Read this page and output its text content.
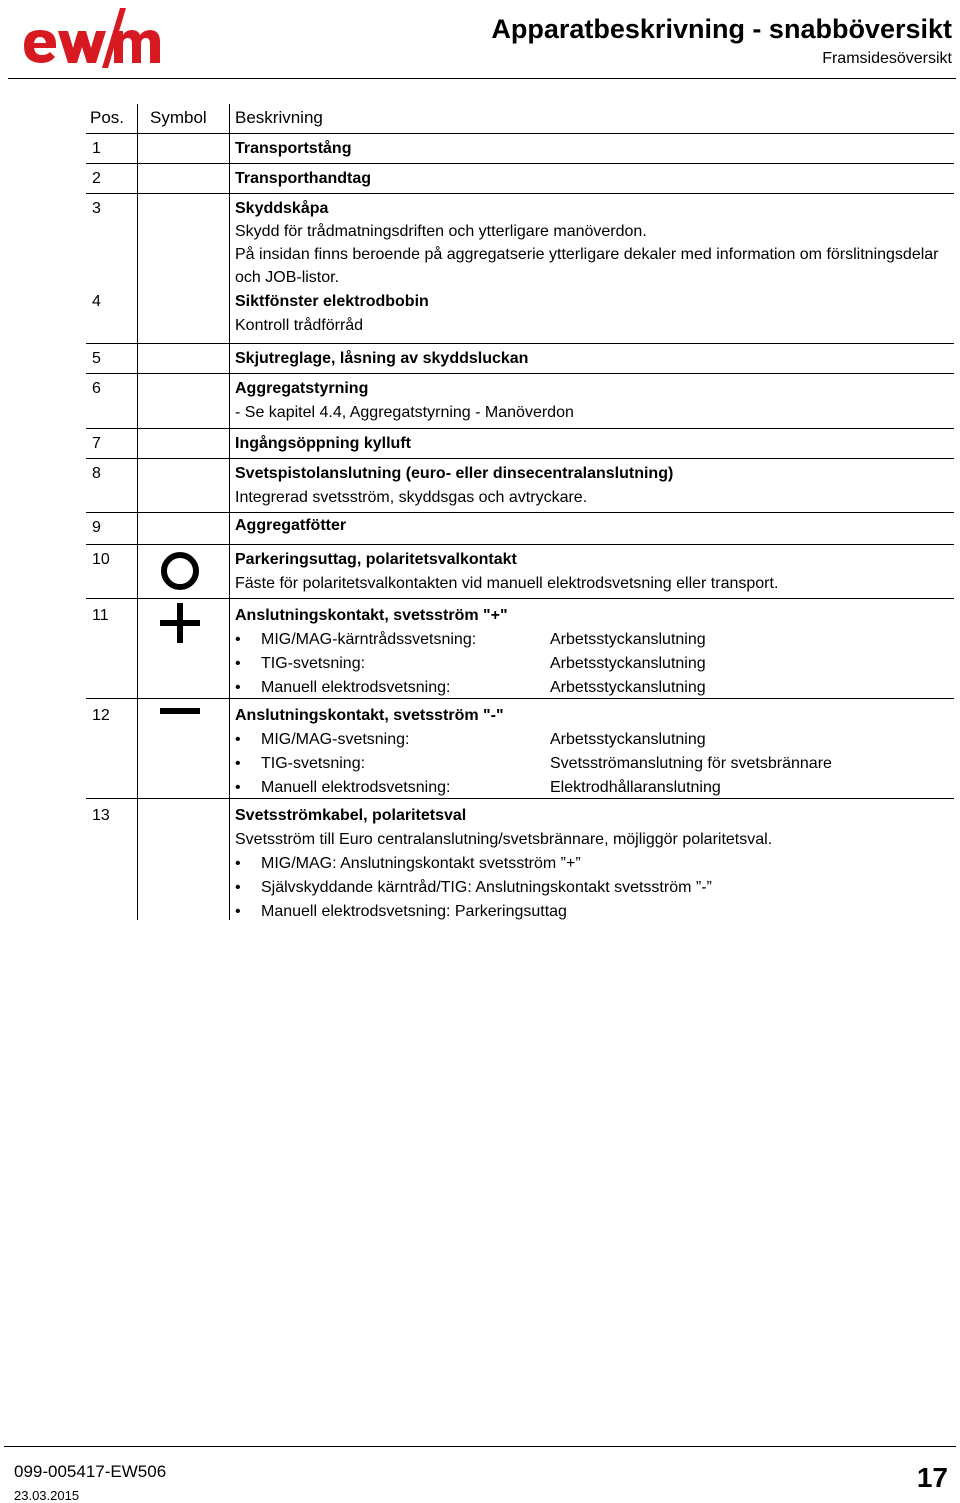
Apparatbeskrivning - snabböversikt
Framsidesöversikt
Pos.	Symbol	Beskrivning
1	Transportstång
2	Transporthandtag
3	Skyddskåpa
Skydd för trådmatningsdriften och ytterligare manöverdon.
På insidan finns beroende på aggregatserie ytterligare dekaler med information om förslitningsdelar och JOB-listor.
4	Siktfönster elektrodbobin
Kontroll trådförråd
5	Skjutreglage, låsning av skyddsluckan
6	Aggregatstyrning
- Se kapitel 4.4, Aggregatstyrning - Manöverdon
7	Ingångsöppning kylluft
8	Svetspistolanslutning (euro- eller dinsecentralanslutning)
Integrerad svetsström, skyddsgas och avtryckare.
9	Aggregatfötter
10	Parkeringsuttag, polaritetsvalkontakt
Fäste för polaritetsvalkontakten vid manuell elektrodsvetsning eller transport.
11	Anslutningskontakt, svetsström "+"
•	MIG/MAG-kärntrådssvetsning:	Arbetsstyckanslutning
•	TIG-svetsning:	Arbetsstyckanslutning
•	Manuell elektrodsvetsning:	Arbetsstyckanslutning
12	Anslutningskontakt, svetsström "-"
•	MIG/MAG-svetsning:	Arbetsstyckanslutning
•	TIG-svetsning:	Svetsströmanslutning för svetsbrännare
•	Manuell elektrodsvetsning:	Elektrodhållaranslutning
13	Svetsströmkabel, polaritetsval
Svetsström till Euro centralanslutning/svetsbrännare, möjliggör polaritetsval.
•	MIG/MAG: Anslutningskontakt svetsström ”+”
•	Självskyddande kärntråd/TIG: Anslutningskontakt svetsström ”-”
•	Manuell elektrodsvetsning: Parkeringsuttag
099-005417-EW506
23.03.2015
17
